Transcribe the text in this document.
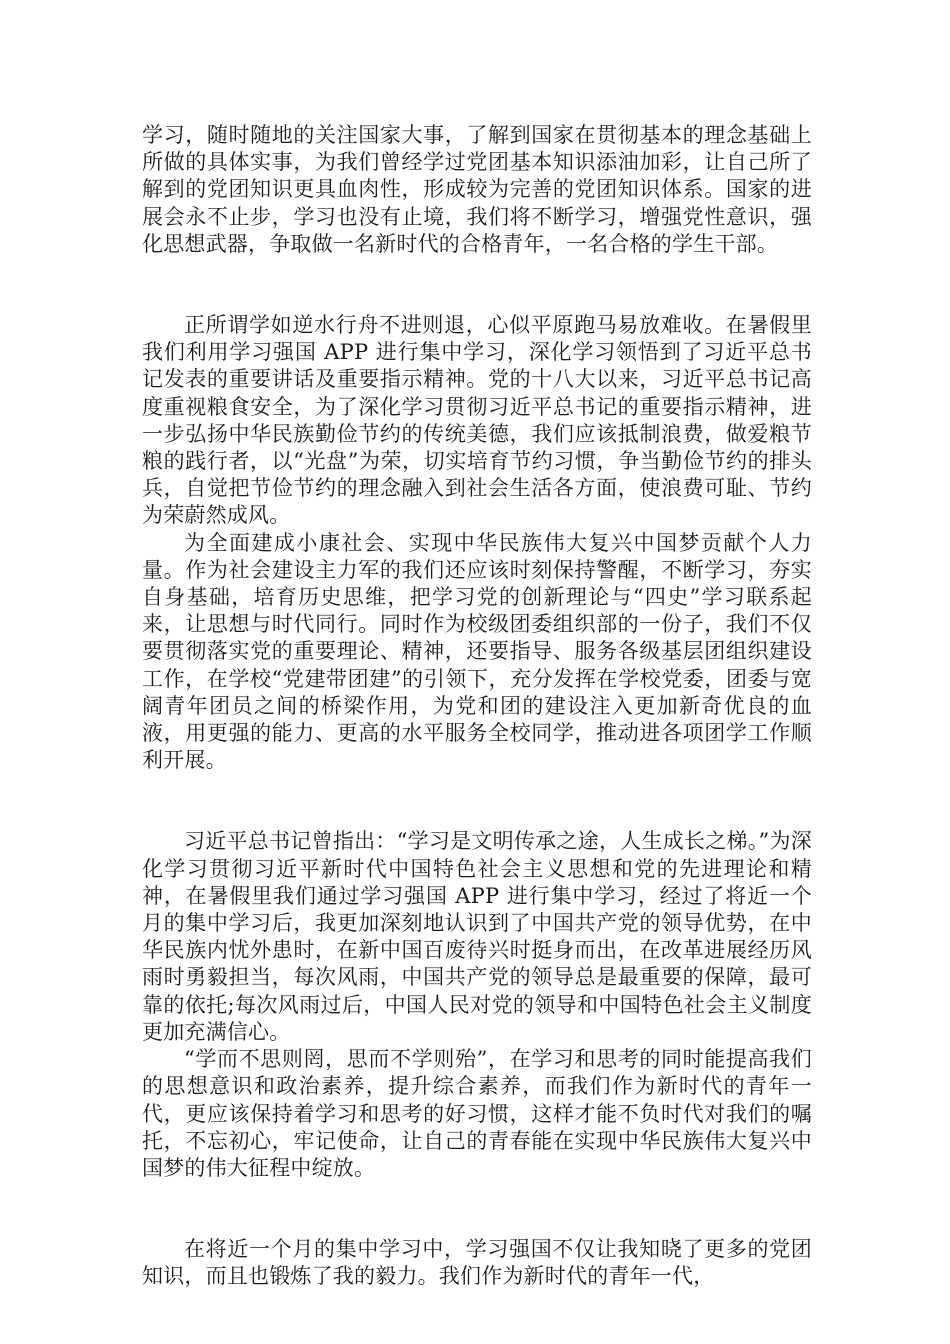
学习，随时随地的关注国家大事，了解到国家在贯彻基本的理念基础上所做的具体实事，为我们曾经学过党团基本知识添油加彩，让自己所了解到的党团知识更具血肉性，形成较为完善的党团知识体系。国家的进展会永不止步，学习也没有止境，我们将不断学习，增强党性意识，强化思想武器，争取做一名新时代的合格青年，一名合格的学生干部。

正所谓学如逆水行舟不进则退，心似平原跑马易放难收。在暑假里我们利用学习强国 APP 进行集中学习，深化学习领悟到了习近平总书记发表的重要讲话及重要指示精神。党的十八大以来，习近平总书记高度重视粮食安全，为了深化学习贯彻习近平总书记的重要指示精神，进一步弘扬中华民族勤俭节约的传统美德，我们应该抵制浪费，做爱粮节粮的践行者，以“光盘”为荣，切实培育节约习惯，争当勤俭节约的排头兵，自觉把节俭节约的理念融入到社会生活各方面，使浪费可耻、节约为荣蔚然成风。

为全面建成小康社会、实现中华民族伟大复兴中国梦贡献个人力量。作为社会建设主力军的我们还应该时刻保持警醒，不断学习，夯实自身基础，培育历史思维，把学习党的创新理论与“四史”学习联系起来，让思想与时代同行。同时作为校级团委组织部的一份子，我们不仅要贯彻落实党的重要理论、精神，还要指导、服务各级基层团组织建设工作，在学校“党建带团建”的引领下，充分发挥在学校党委，团委与宽阔青年团员之间的桥梁作用，为党和团的建设注入更加新奇优良的血液，用更强的能力、更高的水平服务全校同学，推动进各项团学工作顺利开展。

习近平总书记曾指出：“学习是文明传承之途，人生成长之梯。”为深化学习贯彻习近平新时代中国特色社会主义思想和党的先进理论和精神，在暑假里我们通过学习强国 APP 进行集中学习，经过了将近一个月的集中学习后，我更加深刻地认识到了中国共产党的领导优势，在中华民族内忧外患时，在新中国百废待兴时挺身而出，在改革进展经历风雨时勇毅担当，每次风雨，中国共产党的领导总是最重要的保障，最可靠的依托;每次风雨过后，中国人民对党的领导和中国特色社会主义制度更加充满信心。

“学而不思则罔，思而不学则殆”，在学习和思考的同时能提高我们的思想意识和政治素养，提升综合素养，而我们作为新时代的青年一代，更应该保持着学习和思考的好习惯，这样才能不负时代对我们的嘱托，不忘初心，牢记使命，让自己的青春能在实现中华民族伟大复兴中国梦的伟大征程中绽放。

在将近一个月的集中学习中，学习强国不仅让我知晓了更多的党团知识，而且也锻炼了我的毅力。我们作为新时代的青年一代，
